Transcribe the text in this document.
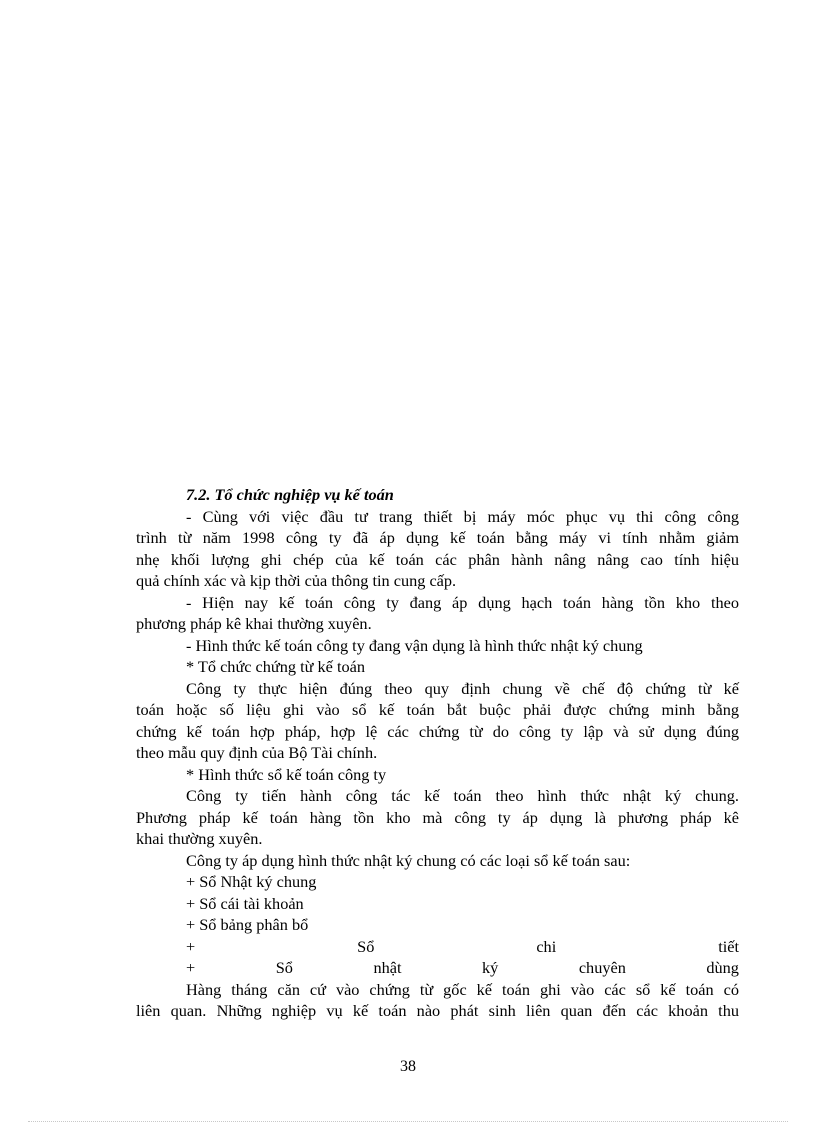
7.2. Tổ chức nghiệp vụ kế toán
- Cùng với việc đầu tư trang thiết bị máy móc phục vụ thi công công
trình từ năm 1998 công ty đã áp dụng kế toán bằng máy vi tính nhằm giảm
nhẹ khối lượng ghi chép của kế toán các phân hành nâng nâng cao tính hiệu
quả chính xác và kịp thời của thông tin cung cấp.
- Hiện nay kế toán công ty đang áp dụng hạch toán hàng tồn kho theo
phương pháp kê khai thường xuyên.
- Hình thức kế toán công ty đang vận dụng là hình thức nhật ký chung
* Tổ chức chứng từ kế toán
Công ty thực hiện đúng theo quy định chung về chế độ chứng từ kế
toán hoặc số liệu ghi vào sổ kế toán bắt buộc phải được chứng minh bằng
chứng kế toán hợp pháp, hợp lệ các chứng từ do công ty lập và sử dụng đúng
theo mẫu quy định của Bộ Tài chính.
* Hình thức sổ kế toán công ty
Công ty tiến hành công tác kế toán theo hình thức nhật ký chung.
Phương pháp kế toán hàng tồn kho mà công ty áp dụng là phương pháp kê
khai thường xuyên.
Công ty áp dụng hình thức nhật ký chung có các loại sổ kế toán sau:
+ Sổ Nhật ký chung
+ Sổ cái tài khoản
+ Sổ bảng phân bổ
+	Sổ	chi	tiết
+	Sổ	nhật	ký	chuyên	dùng
Hàng tháng căn cứ vào chứng từ gốc kế toán ghi vào các sổ kế toán có
liên quan. Những nghiệp vụ kế toán nào phát sinh liên quan đến các khoản thu
38
